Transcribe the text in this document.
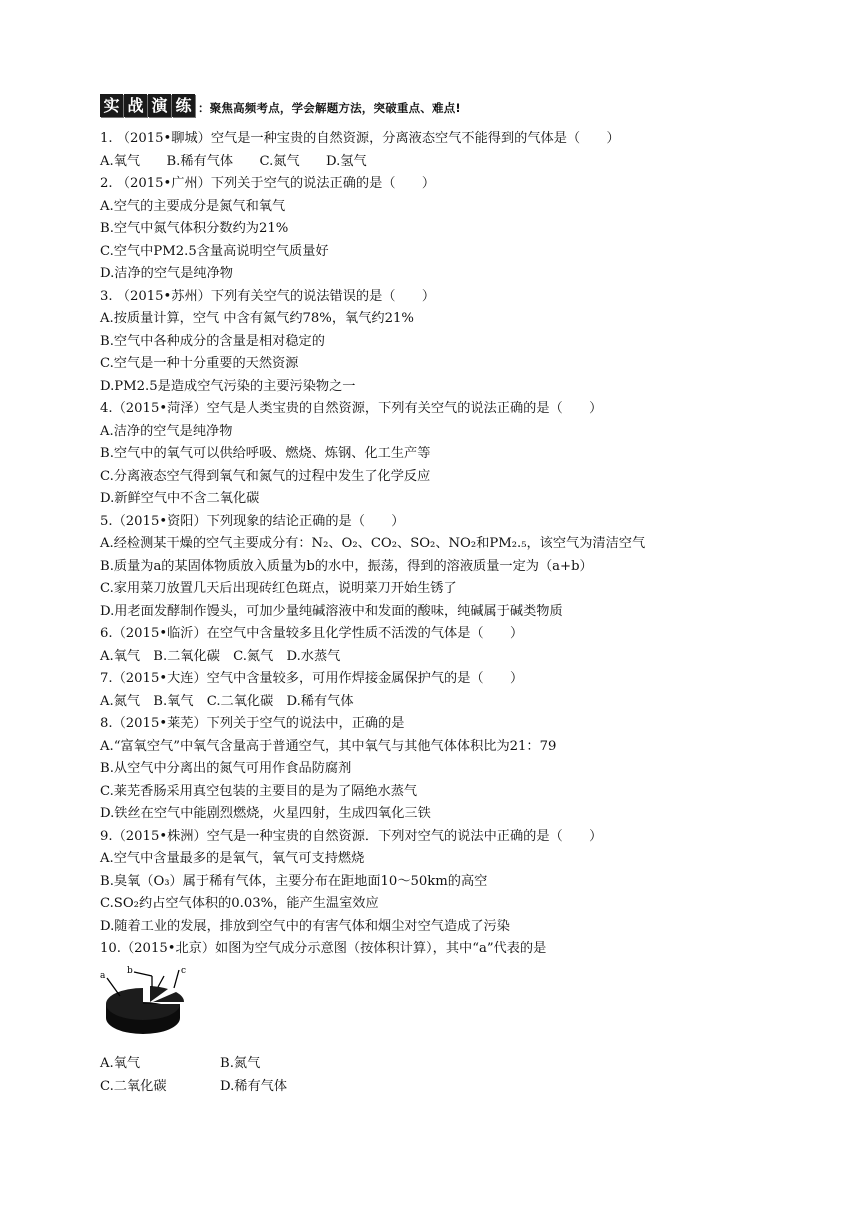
实 战 演 练 ：聚焦高频考点，学会解题方法，突破重点、难点!
1. （2015•聊城）空气是一种宝贵的自然资源，分离液态空气不能得到的气体是（　　）
A.氧气　　B.稀有气体　　C.氮气　　D.氢气
2. （2015•广州）下列关于空气的说法正确的是（　　）
A.空气的主要成分是氮气和氧气
B.空气中氮气体积分数约为21%
C.空气中PM2.5含量高说明空气质量好
D.洁净的空气是纯净物
3. （2015•苏州）下列有关空气的说法错误的是（　　）
A.按质量计算，空气 中含有氮气约78%，氧气约21%
B.空气中各种成分的含量是相对稳定的
C.空气是一种十分重要的天然资源
D.PM2.5是造成空气污染的主要污染物之一
4.（2015•菏泽）空气是人类宝贵的自然资源，下列有关空气的说法正确的是（　　）
A.洁净的空气是纯净物
B.空气中的氧气可以供给呼吸、燃烧、炼钢、化工生产等
C.分离液态空气得到氧气和氮气的过程中发生了化学反应
D.新鲜空气中不含二氧化碳
5.（2015•资阳）下列现象的结论正确的是（　　）
A.经检测某干燥的空气主要成分有：N₂、O₂、CO₂、SO₂、NO₂和PM₂.₅，该空气为清洁空气
B.质量为a的某固体物质放入质量为b的水中，振荡，得到的溶液质量一定为（a+b）
C.家用菜刀放置几天后出现砖红色斑点，说明菜刀开始生锈了
D.用老面发酵制作馒头，可加少量纯碱溶液中和发面的酸味，纯碱属于碱类物质
6.（2015•临沂）在空气中含量较多且化学性质不活泼的气体是（　　）
A.氧气　B.二氧化碳　C.氮气　D.水蒸气
7.（2015•大连）空气中含量较多，可用作焊接金属保护气的是（　　）
A.氮气　B.氧气　C.二氧化碳　D.稀有气体
8.（2015•莱芜）下列关于空气的说法中，正确的是
A.“富氧空气”中氧气含量高于普通空气，其中氧气与其他气体体积比为21：79
B.从空气中分离出的氮气可用作食品防腐剂
C.莱芜香肠采用真空包装的主要目的是为了隔绝水蒸气
D.铁丝在空气中能剧烈燃烧，火星四射，生成四氧化三铁
9.（2015•株洲）空气是一种宝贵的自然资源．下列对空气的说法中正确的是（　　）
A.空气中含量最多的是氧气，氧气可支持燃烧
B.臭氧（O₃）属于稀有气体，主要分布在距地面10～50km的高空
C.SO₂约占空气体积的0.03%，能产生温室效应
D.随着工业的发展，排放到空气中的有害气体和烟尘对空气造成了污染
10.（2015•北京）如图为空气成分示意图（按体积计算），其中“a”代表的是
a b	c
A.氧气	B.氮气
C.二氧化碳	D.稀有气体
